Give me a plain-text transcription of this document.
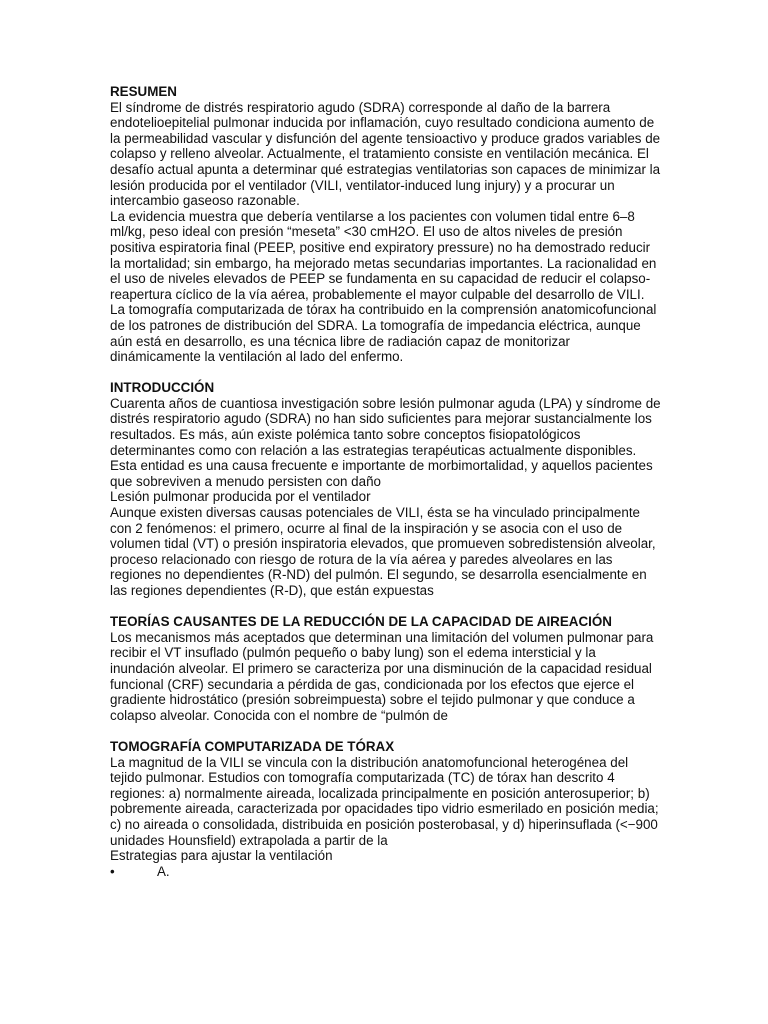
RESUMEN
El síndrome de distrés respiratorio agudo (SDRA) corresponde al daño de la barrera endotelioepitelial pulmonar inducida por inflamación, cuyo resultado condiciona aumento de la permeabilidad vascular y disfunción del agente tensioactivo y produce grados variables de colapso y relleno alveolar. Actualmente, el tratamiento consiste en ventilación mecánica. El desafío actual apunta a determinar qué estrategias ventilatorias son capaces de minimizar la lesión producida por el ventilador (VILI, ventilator-induced lung injury) y a procurar un intercambio gaseoso razonable.
La evidencia muestra que debería ventilarse a los pacientes con volumen tidal entre 6–8 ml/kg, peso ideal con presión “meseta” <30 cmH2O. El uso de altos niveles de presión positiva espiratoria final (PEEP, positive end expiratory pressure) no ha demostrado reducir la mortalidad; sin embargo, ha mejorado metas secundarias importantes. La racionalidad en el uso de niveles elevados de PEEP se fundamenta en su capacidad de reducir el colapso-reapertura cíclico de la vía aérea, probablemente el mayor culpable del desarrollo de VILI.
La tomografía computarizada de tórax ha contribuido en la comprensión anatomicofuncional de los patrones de distribución del SDRA. La tomografía de impedancia eléctrica, aunque aún está en desarrollo, es una técnica libre de radiación capaz de monitorizar dinámicamente la ventilación al lado del enfermo.
INTRODUCCIÓN
Cuarenta años de cuantiosa investigación sobre lesión pulmonar aguda (LPA) y síndrome de distrés respiratorio agudo (SDRA) no han sido suficientes para mejorar sustancialmente los resultados. Es más, aún existe polémica tanto sobre conceptos fisiopatológicos determinantes como con relación a las estrategias terapéuticas actualmente disponibles.
Esta entidad es una causa frecuente e importante de morbimortalidad, y aquellos pacientes que sobreviven a menudo persisten con daño
Lesión pulmonar producida por el ventilador
Aunque existen diversas causas potenciales de VILI, ésta se ha vinculado principalmente con 2 fenómenos: el primero, ocurre al final de la inspiración y se asocia con el uso de volumen tidal (VT) o presión inspiratoria elevados, que promueven sobredistensión alveolar, proceso relacionado con riesgo de rotura de la vía aérea y paredes alveolares en las regiones no dependientes (R-ND) del pulmón. El segundo, se desarrolla esencialmente en las regiones dependientes (R-D), que están expuestas
TEORÍAS CAUSANTES DE LA REDUCCIÓN DE LA CAPACIDAD DE AIREACIÓN
Los mecanismos más aceptados que determinan una limitación del volumen pulmonar para recibir el VT insuflado (pulmón pequeño o baby lung) son el edema intersticial y la inundación alveolar. El primero se caracteriza por una disminución de la capacidad residual funcional (CRF) secundaria a pérdida de gas, condicionada por los efectos que ejerce el gradiente hidrostático (presión sobreimpuesta) sobre el tejido pulmonar y que conduce a colapso alveolar. Conocida con el nombre de “pulmón de
TOMOGRAFÍA COMPUTARIZADA DE TÓRAX
La magnitud de la VILI se vincula con la distribución anatomofuncional heterogénea del tejido pulmonar. Estudios con tomografía computarizada (TC) de tórax han descrito 4 regiones: a) normalmente aireada, localizada principalmente en posición anterosuperior; b) pobremente aireada, caracterizada por opacidades tipo vidrio esmerilado en posición media; c) no aireada o consolidada, distribuida en posición posterobasal, y d) hiperinsuflada (<−900 unidades Hounsfield) extrapolada a partir de la
Estrategias para ajustar la ventilación
•	A.
